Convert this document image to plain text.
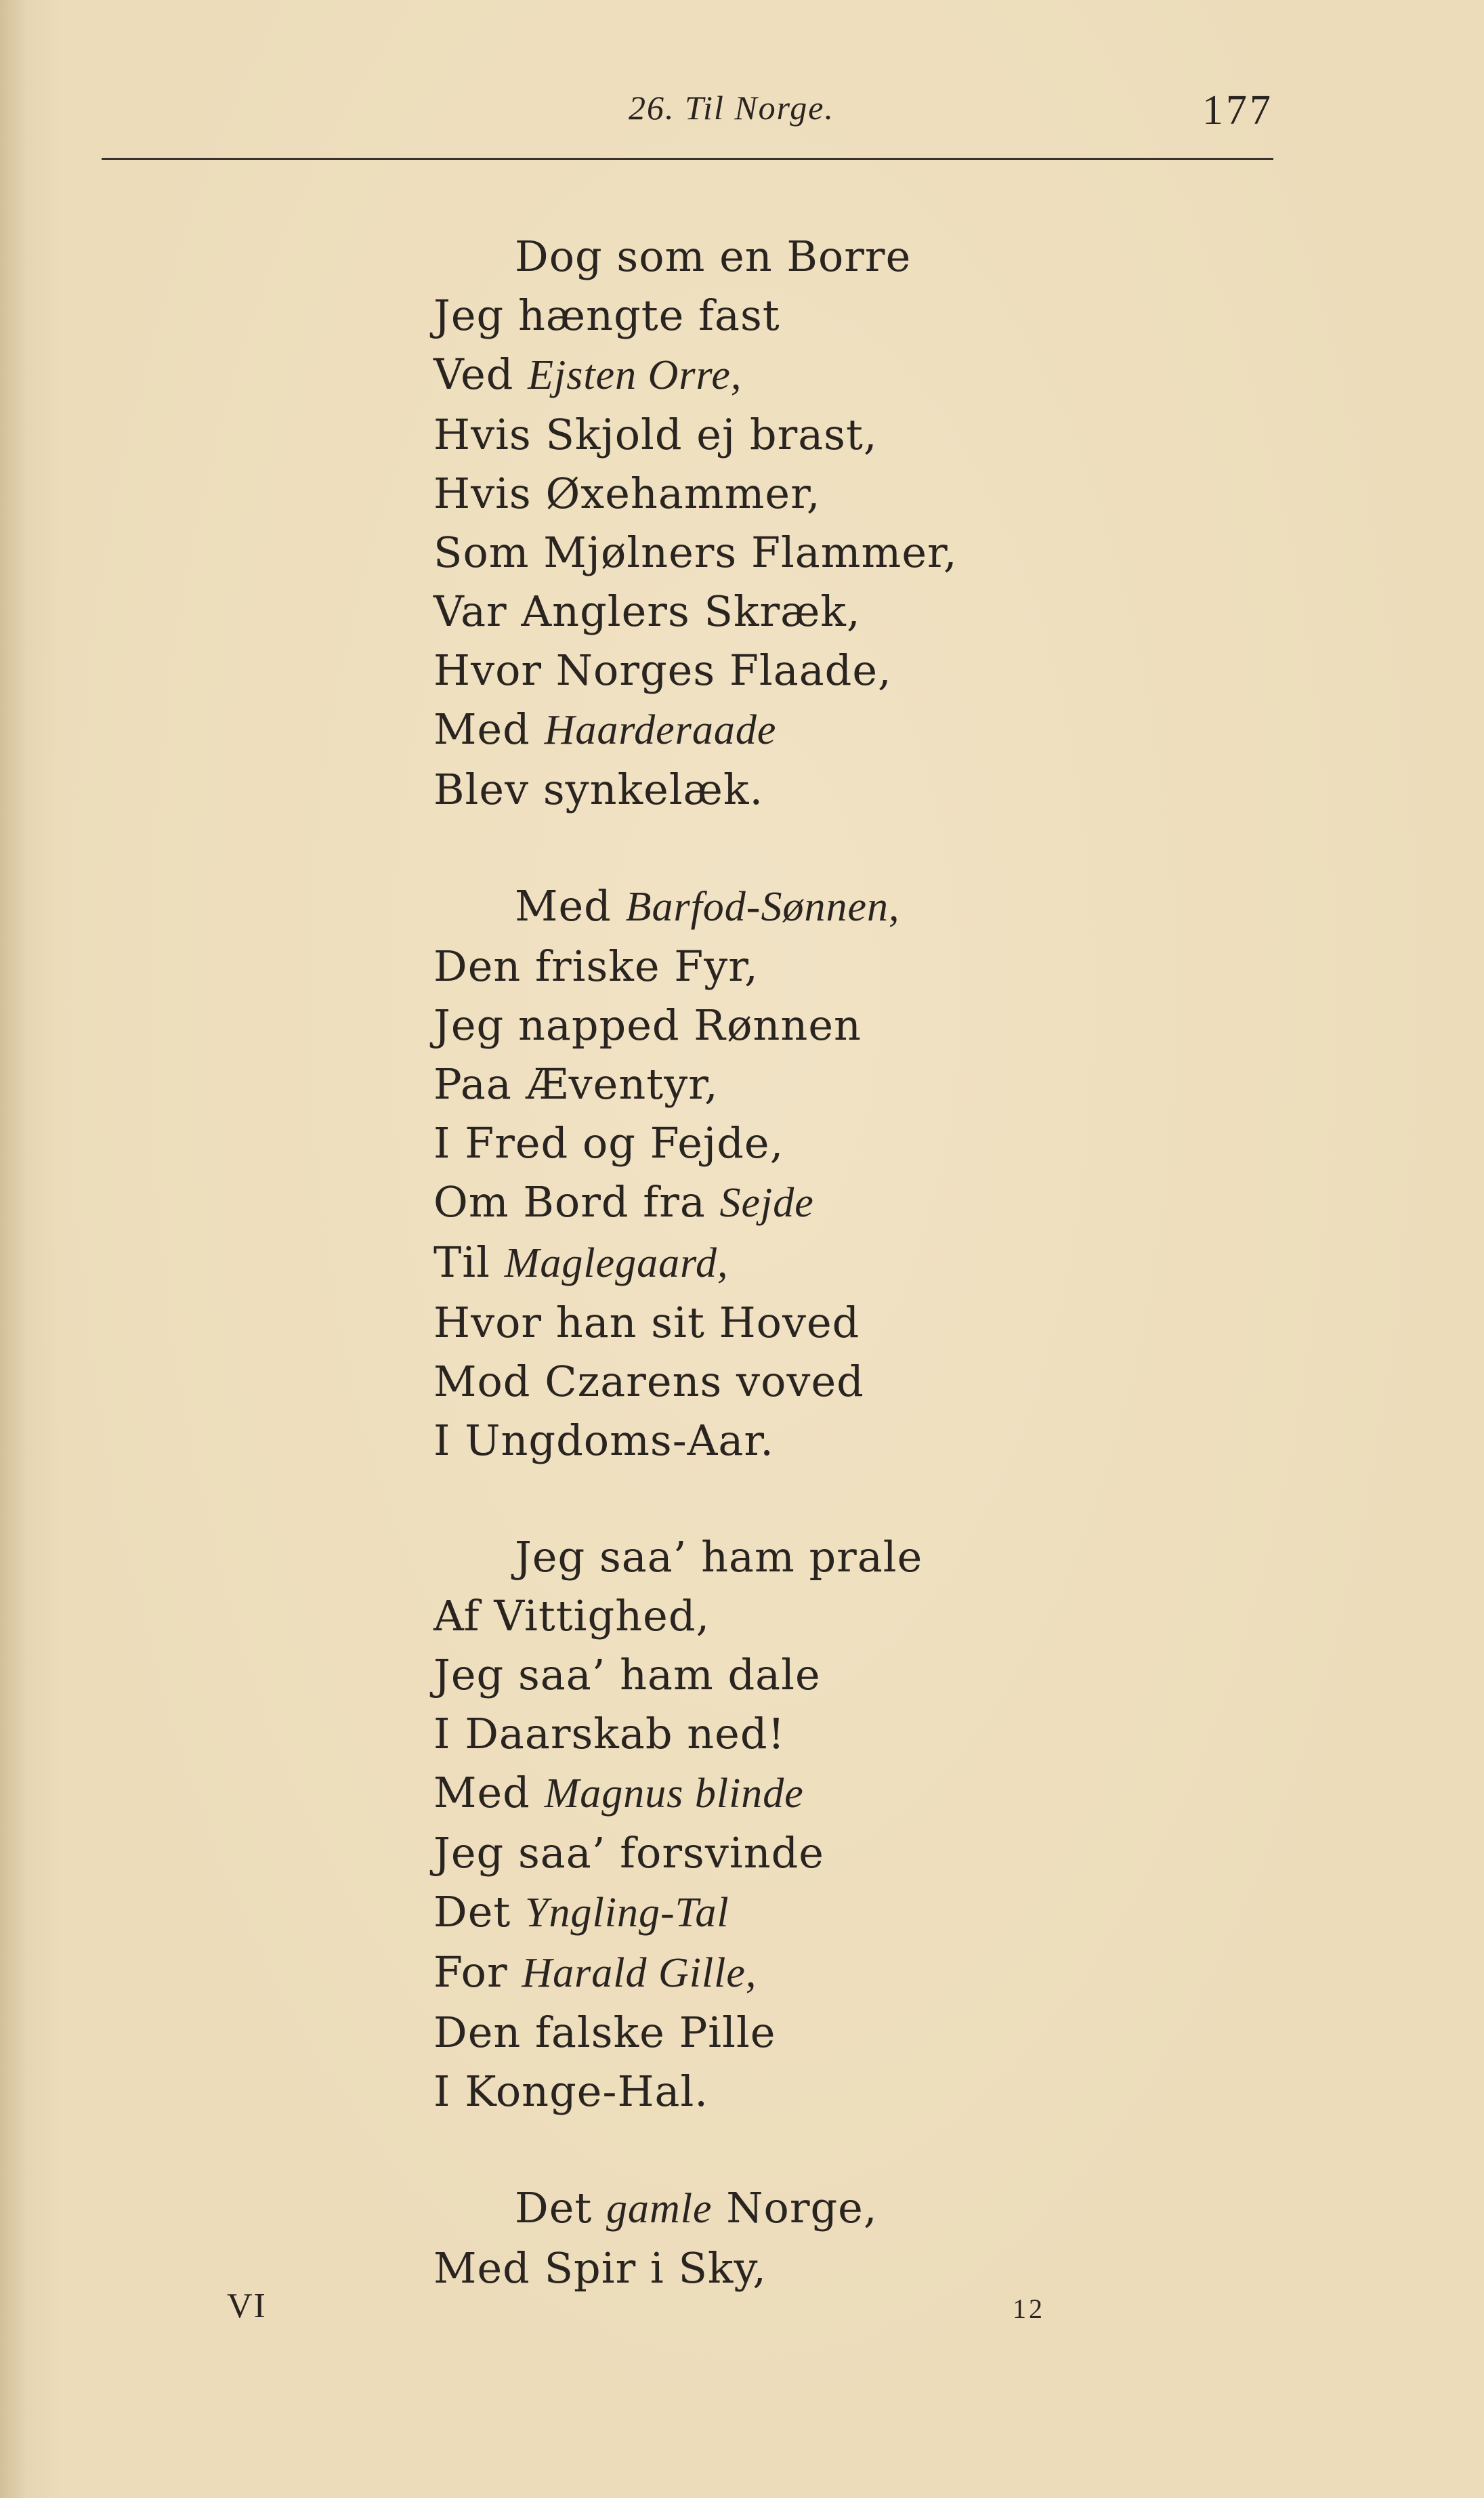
26. Til Norge.	177
Dog som en Borre
Jeg hængte fast
Ved Ejsten Orre,
Hvis Skjold ej brast,
Hvis Øxehammer,
Som Mjølners Flammer,
Var Anglers Skræk,
Hvor Norges Flaade,
Med Haarderaade
Blev synkelæk.
Med Barfod-Sønnen,
Den friske Fyr,
Jeg napped Rønnen
Paa Æventyr,
I Fred og Fejde,
Om Bord fra Sejde
Til Maglegaard,
Hvor han sit Hoved
Mod Czarens voved
I Ungdoms-Aar.
Jeg saa’ ham prale
Af Vittighed,
Jeg saa’ ham dale
I Daarskab ned!
Med Magnus blinde
Jeg saa’ forsvinde
Det Yngling-Tal
For Harald Gille,
Den falske Pille
I Konge-Hal.
Det gamle Norge,
Med Spir i Sky,
VI	12
